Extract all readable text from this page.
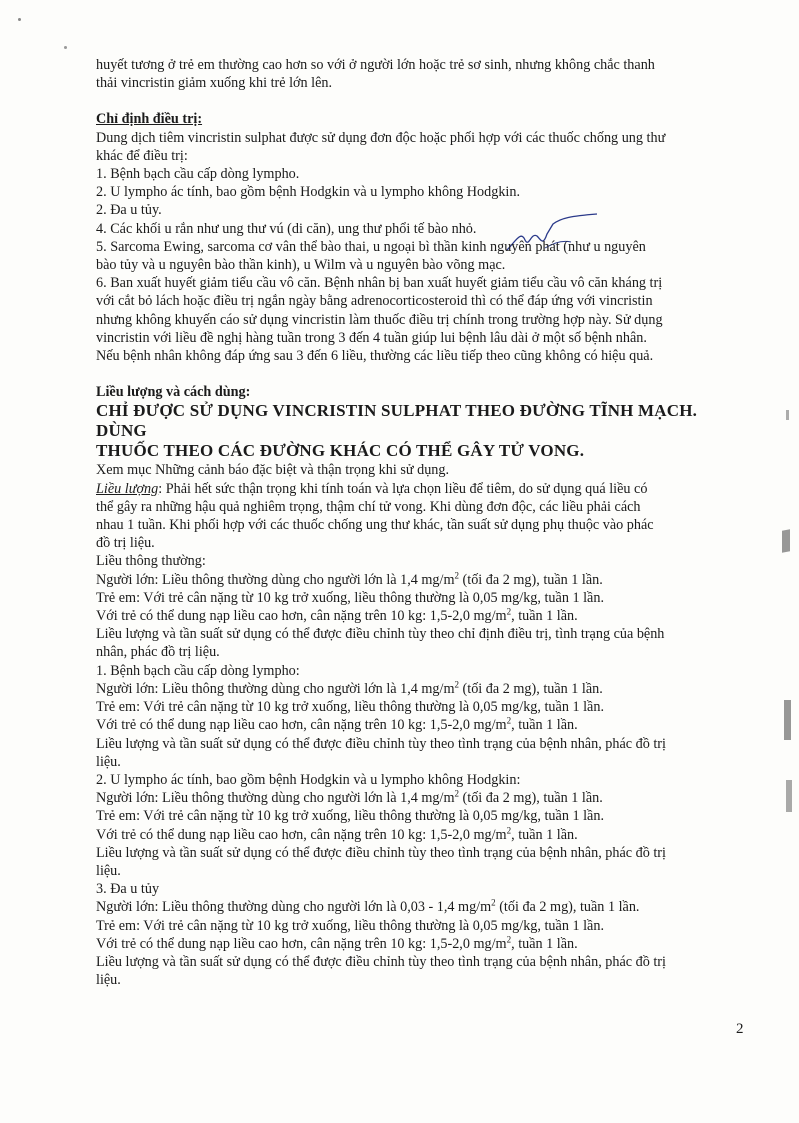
huyết tương ở trẻ em thường cao hơn so với ở người lớn hoặc trẻ sơ sinh, nhưng không chắc thanh

thải vincristin giảm xuống khi trẻ lớn lên.

Chỉ định điều trị:

Dung dịch tiêm vincristin sulphat được sử dụng đơn độc hoặc phối hợp với các thuốc chống ung thư

khác để điều trị:

1. Bệnh bạch cầu cấp dòng lympho.

2. U lympho ác tính, bao gồm bệnh Hodgkin và u lympho không Hodgkin.

2. Đa u tủy.

4. Các khối u rắn như ung thư vú (di căn), ung thư phổi tế bào nhỏ.

5. Sarcoma Ewing, sarcoma cơ vân thể bào thai, u ngoại bì thần kinh nguyên phát (như u nguyên

bào tủy và u nguyên bào thần kinh), u Wilm và u nguyên bào võng mạc.

6. Ban xuất huyết giảm tiểu cầu vô căn. Bệnh nhân bị ban xuất huyết giảm tiểu cầu vô căn kháng trị

với cắt bỏ lách hoặc điều trị ngắn ngày bằng adrenocorticosteroid thì có thể đáp ứng với vincristin

nhưng không khuyến cáo sử dụng vincristin làm thuốc điều trị chính trong trường hợp này. Sử dụng

vincristin với liều đề nghị hàng tuần trong 3 đến 4 tuần giúp lui bệnh lâu dài ở một số bệnh nhân.

Nếu bệnh nhân không đáp ứng sau 3 đến 6 liều, thường các liều tiếp theo cũng không có hiệu quả.

Liều lượng và cách dùng:

CHỈ ĐƯỢC SỬ DỤNG VINCRISTIN SULPHAT THEO ĐƯỜNG TĨNH MẠCH. DÙNG

THUỐC THEO CÁC ĐƯỜNG KHÁC CÓ THỂ GÂY TỬ VONG.

Xem mục Những cảnh báo đặc biệt và thận trọng khi sử dụng.

Liều lượng: Phải hết sức thận trọng khi tính toán và lựa chọn liều để tiêm, do sử dụng quá liều có

thể gây ra những hậu quả nghiêm trọng, thậm chí tử vong. Khi dùng đơn độc, các liều phải cách

nhau 1 tuần. Khi phối hợp với các thuốc chống ung thư khác, tần suất sử dụng phụ thuộc vào phác

đồ trị liệu.

Liều thông thường:

Người lớn: Liều thông thường dùng cho người lớn là 1,4 $mg/m^2$ (tối đa 2 mg), tuần 1 lần.

Trẻ em: Với trẻ cân nặng từ 10 kg trở xuống, liều thông thường là 0,05 mg/kg, tuần 1 lần.

Với trẻ có thể dung nạp liều cao hơn, cân nặng trên 10 kg: 1,5-2,0 $mg/m^2$, tuần 1 lần.

Liều lượng và tần suất sử dụng có thể được điều chỉnh tùy theo chỉ định điều trị, tình trạng của bệnh

nhân, phác đồ trị liệu.

1. Bệnh bạch cầu cấp dòng lympho:

Người lớn: Liều thông thường dùng cho người lớn là 1,4 $mg/m^2$ (tối đa 2 mg), tuần 1 lần.

Trẻ em: Với trẻ cân nặng từ 10 kg trở xuống, liều thông thường là 0,05 mg/kg, tuần 1 lần.

Với trẻ có thể dung nạp liều cao hơn, cân nặng trên 10 kg: 1,5-2,0 $mg/m^2$, tuần 1 lần.

Liều lượng và tần suất sử dụng có thể được điều chỉnh tùy theo tình trạng của bệnh nhân, phác đồ trị

liệu.

2. U lympho ác tính, bao gồm bệnh Hodgkin và u lympho không Hodgkin:

Người lớn: Liều thông thường dùng cho người lớn là 1,4 $mg/m^2$ (tối đa 2 mg), tuần 1 lần.

Trẻ em: Với trẻ cân nặng từ 10 kg trở xuống, liều thông thường là 0,05 mg/kg, tuần 1 lần.

Với trẻ có thể dung nạp liều cao hơn, cân nặng trên 10 kg: 1,5-2,0 $mg/m^2$, tuần 1 lần.

Liều lượng và tần suất sử dụng có thể được điều chỉnh tùy theo tình trạng của bệnh nhân, phác đồ trị

liệu.

3. Đa u tủy

Người lớn: Liều thông thường dùng cho người lớn là 0,03 - 1,4 $mg/m^2$ (tối đa 2 mg), tuần 1 lần.

Trẻ em: Với trẻ cân nặng từ 10 kg trở xuống, liều thông thường là 0,05 mg/kg, tuần 1 lần.

Với trẻ có thể dung nạp liều cao hơn, cân nặng trên 10 kg: 1,5-2,0 $mg/m^2$, tuần 1 lần.

Liều lượng và tần suất sử dụng có thể được điều chỉnh tùy theo tình trạng của bệnh nhân, phác đồ trị

liệu.

2
